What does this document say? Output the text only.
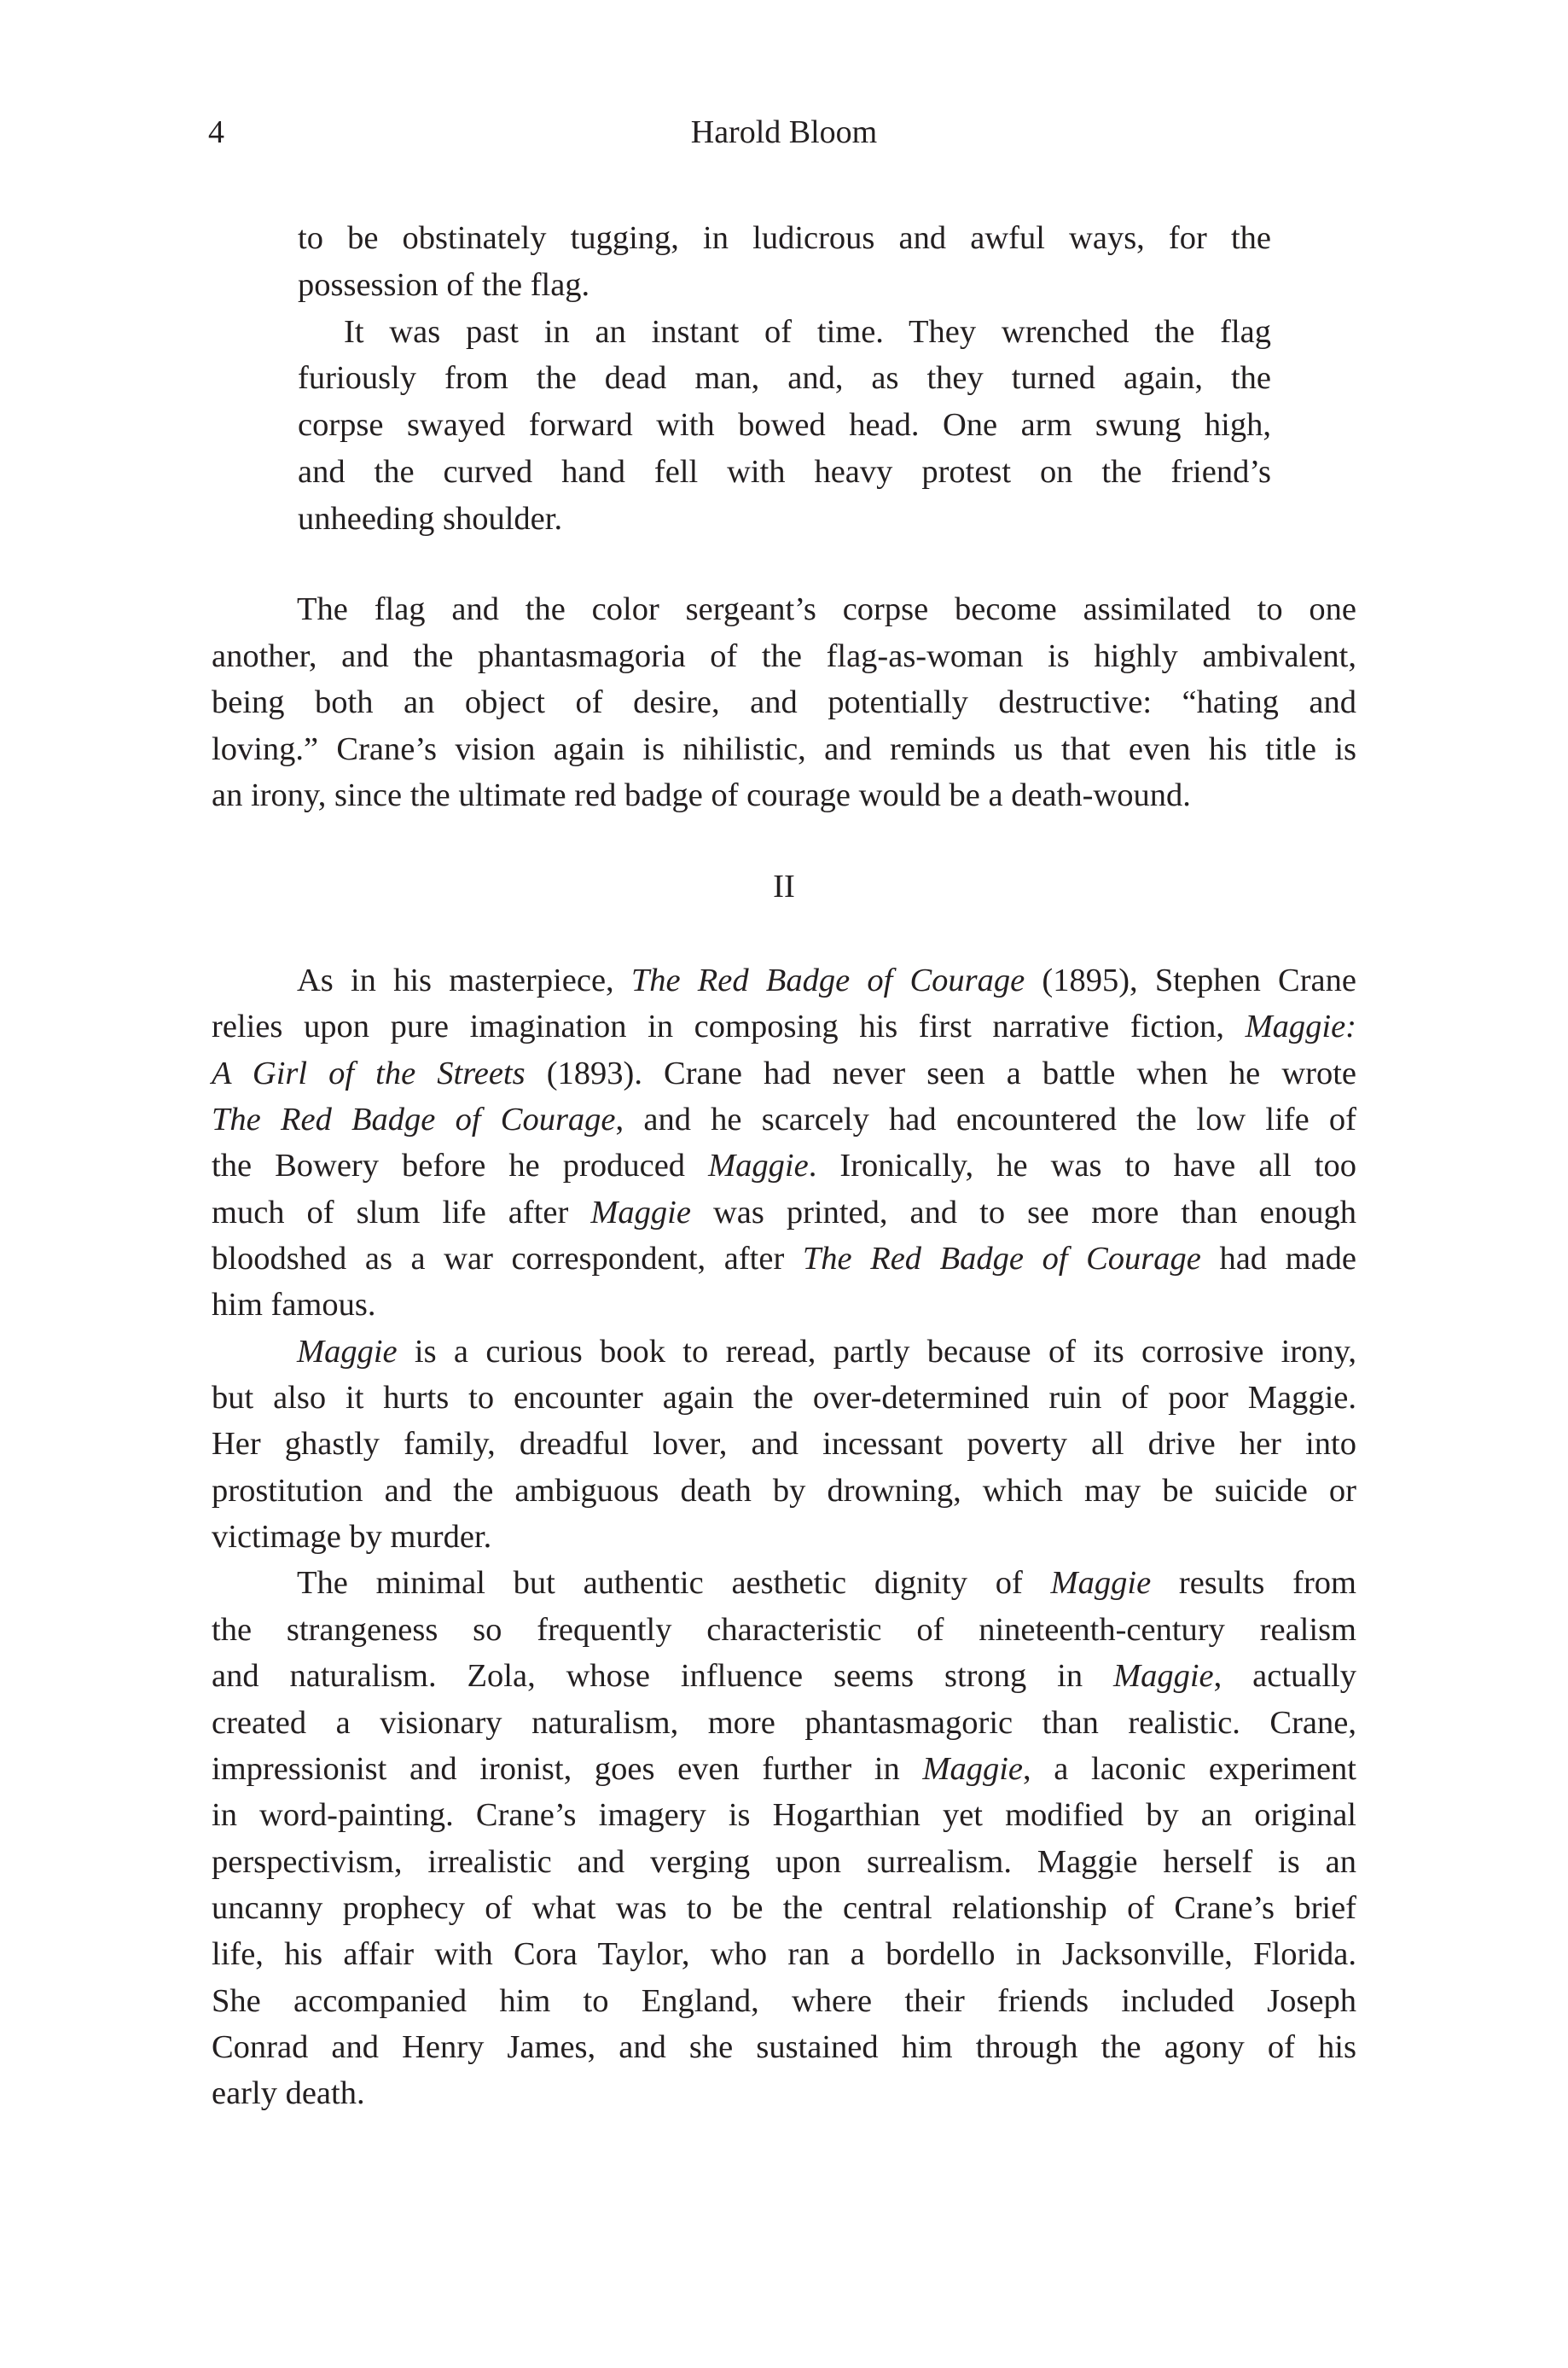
4	Harold Bloom
to be obstinately tugging, in ludicrous and awful ways, for the
possession of the flag.
It was past in an instant of time. They wrenched the flag
furiously from the dead man, and, as they turned again, the
corpse swayed forward with bowed head. One arm swung high,
and the curved hand fell with heavy protest on the friend’s
unheeding shoulder.
The flag and the color sergeant’s corpse become assimilated to one
another, and the phantasmagoria of the flag-as-woman is highly ambivalent,
being both an object of desire, and potentially destructive: “hating and
loving.” Crane’s vision again is nihilistic, and reminds us that even his title is
an irony, since the ultimate red badge of courage would be a death-wound.
II
As in his masterpiece, The Red Badge of Courage (1895), Stephen Crane
relies upon pure imagination in composing his first narrative fiction, Maggie:
A Girl of the Streets (1893). Crane had never seen a battle when he wrote
The Red Badge of Courage, and he scarcely had encountered the low life of
the Bowery before he produced Maggie. Ironically, he was to have all too
much of slum life after Maggie was printed, and to see more than enough
bloodshed as a war correspondent, after The Red Badge of Courage had made
him famous.
Maggie is a curious book to reread, partly because of its corrosive irony,
but also it hurts to encounter again the over-determined ruin of poor Maggie.
Her ghastly family, dreadful lover, and incessant poverty all drive her into
prostitution and the ambiguous death by drowning, which may be suicide or
victimage by murder.
The minimal but authentic aesthetic dignity of Maggie results from
the strangeness so frequently characteristic of nineteenth-century realism
and naturalism. Zola, whose influence seems strong in Maggie, actually
created a visionary naturalism, more phantasmagoric than realistic. Crane,
impressionist and ironist, goes even further in Maggie, a laconic experiment
in word-painting. Crane’s imagery is Hogarthian yet modified by an original
perspectivism, irrealistic and verging upon surrealism. Maggie herself is an
uncanny prophecy of what was to be the central relationship of Crane’s brief
life, his affair with Cora Taylor, who ran a bordello in Jacksonville, Florida.
She accompanied him to England, where their friends included Joseph
Conrad and Henry James, and she sustained him through the agony of his
early death.
